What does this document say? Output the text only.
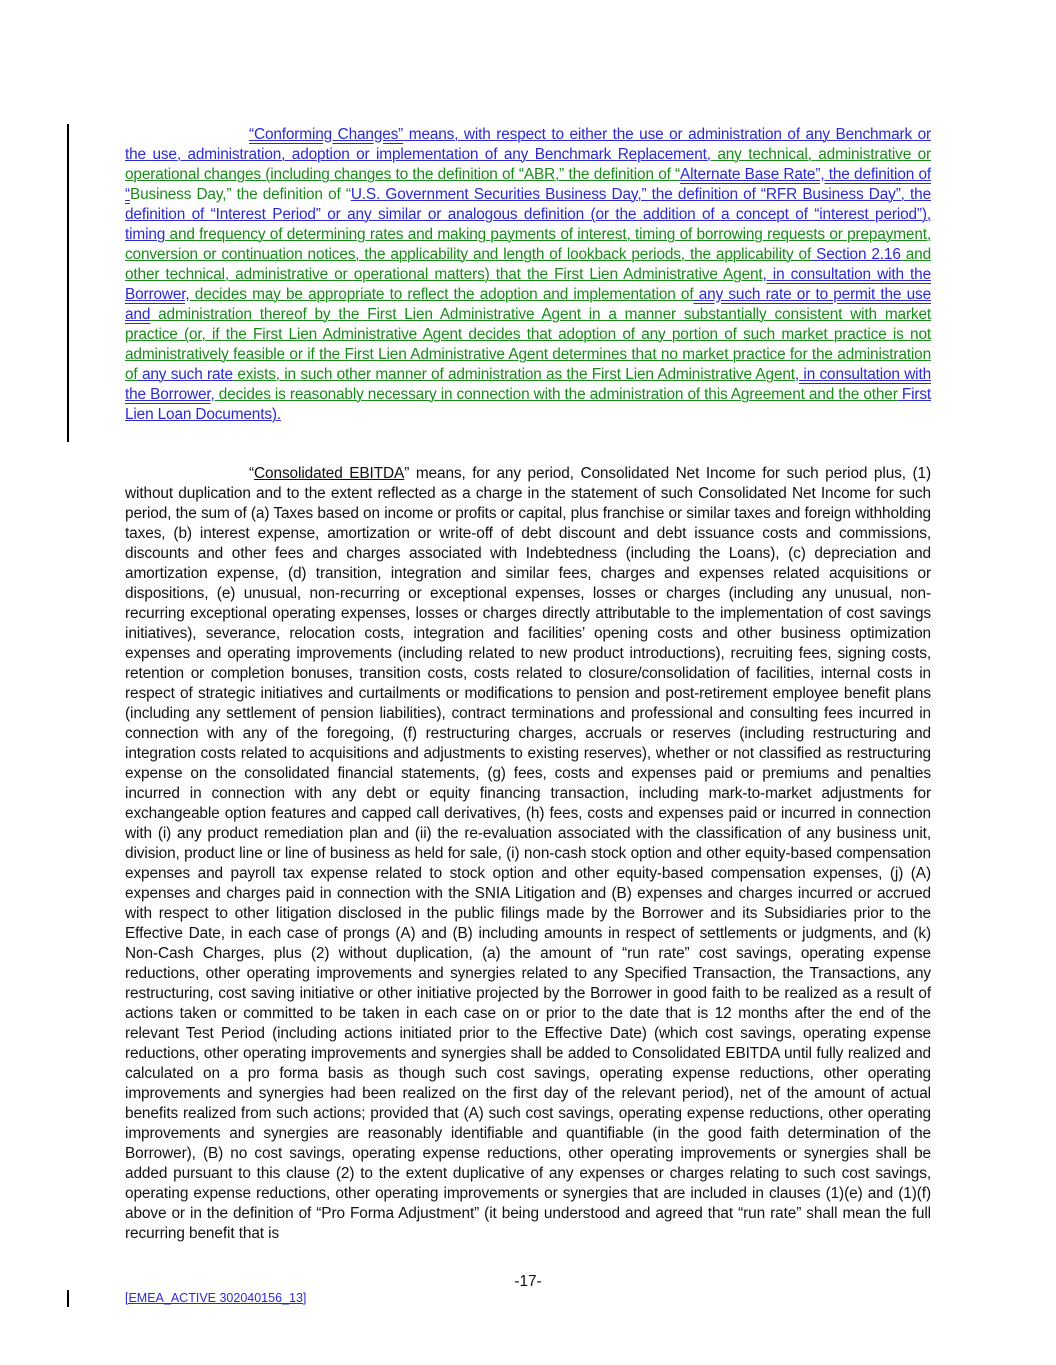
“Conforming Changes” means, with respect to either the use or administration of any Benchmark or the use, administration, adoption or implementation of any Benchmark Replacement, any technical, administrative or operational changes (including changes to the definition of “ABR,” the definition of “Alternate Base Rate”, the definition of “Business Day,” the definition of “U.S. Government Securities Business Day,” the definition of “RFR Business Day”, the definition of “Interest Period” or any similar or analogous definition (or the addition of a concept of “interest period”), timing and frequency of determining rates and making payments of interest, timing of borrowing requests or prepayment, conversion or continuation notices, the applicability and length of lookback periods, the applicability of Section 2.16 and other technical, administrative or operational matters) that the First Lien Administrative Agent, in consultation with the Borrower, decides may be appropriate to reflect the adoption and implementation of any such rate or to permit the use and administration thereof by the First Lien Administrative Agent in a manner substantially consistent with market practice (or, if the First Lien Administrative Agent decides that adoption of any portion of such market practice is not administratively feasible or if the First Lien Administrative Agent determines that no market practice for the administration of any such rate exists, in such other manner of administration as the First Lien Administrative Agent, in consultation with the Borrower, decides is reasonably necessary in connection with the administration of this Agreement and the other First Lien Loan Documents).

“Consolidated EBITDA” means, for any period, Consolidated Net Income for such period plus, (1) without duplication and to the extent reflected as a charge in the statement of such Consolidated Net Income for such period, the sum of (a) Taxes based on income or profits or capital, plus franchise or similar taxes and foreign withholding taxes, (b) interest expense, amortization or write-off of debt discount and debt issuance costs and commissions, discounts and other fees and charges associated with Indebtedness (including the Loans), (c) depreciation and amortization expense, (d) transition, integration and similar fees, charges and expenses related acquisitions or dispositions, (e) unusual, non-recurring or exceptional expenses, losses or charges (including any unusual, non-recurring exceptional operating expenses, losses or charges directly attributable to the implementation of cost savings initiatives), severance, relocation costs, integration and facilities’ opening costs and other business optimization expenses and operating improvements (including related to new product introductions), recruiting fees, signing costs, retention or completion bonuses, transition costs, costs related to closure/consolidation of facilities, internal costs in respect of strategic initiatives and curtailments or modifications to pension and post-retirement employee benefit plans (including any settlement of pension liabilities), contract terminations and professional and consulting fees incurred in connection with any of the foregoing, (f) restructuring charges, accruals or reserves (including restructuring and integration costs related to acquisitions and adjustments to existing reserves), whether or not classified as restructuring expense on the consolidated financial statements, (g) fees, costs and expenses paid or premiums and penalties incurred in connection with any debt or equity financing transaction, including mark-to-market adjustments for exchangeable option features and capped call derivatives, (h) fees, costs and expenses paid or incurred in connection with (i) any product remediation plan and (ii) the re-evaluation associated with the classification of any business unit, division, product line or line of business as held for sale, (i) non-cash stock option and other equity-based compensation expenses and payroll tax expense related to stock option and other equity-based compensation expenses, (j) (A) expenses and charges paid in connection with the SNIA Litigation and (B) expenses and charges incurred or accrued with respect to other litigation disclosed in the public filings made by the Borrower and its Subsidiaries prior to the Effective Date, in each case of prongs (A) and (B) including amounts in respect of settlements or judgments, and (k) Non-Cash Charges, plus (2) without duplication, (a) the amount of “run rate” cost savings, operating expense reductions, other operating improvements and synergies related to any Specified Transaction, the Transactions, any restructuring, cost saving initiative or other initiative projected by the Borrower in good faith to be realized as a result of actions taken or committed to be taken in each case on or prior to the date that is 12 months after the end of the relevant Test Period (including actions initiated prior to the Effective Date) (which cost savings, operating expense reductions, other operating improvements and synergies shall be added to Consolidated EBITDA until fully realized and calculated on a pro forma basis as though such cost savings, operating expense reductions, other operating improvements and synergies had been realized on the first day of the relevant period), net of the amount of actual benefits realized from such actions; provided that (A) such cost savings, operating expense reductions, other operating improvements and synergies are reasonably identifiable and quantifiable (in the good faith determination of the Borrower), (B) no cost savings, operating expense reductions, other operating improvements or synergies shall be added pursuant to this clause (2) to the extent duplicative of any expenses or charges relating to such cost savings, operating expense reductions, other operating improvements or synergies that are included in clauses (1)(e) and (1)(f) above or in the definition of “Pro Forma Adjustment” (it being understood and agreed that “run rate” shall mean the full recurring benefit that is

-17-
[EMEA_ACTIVE 302040156_13]
